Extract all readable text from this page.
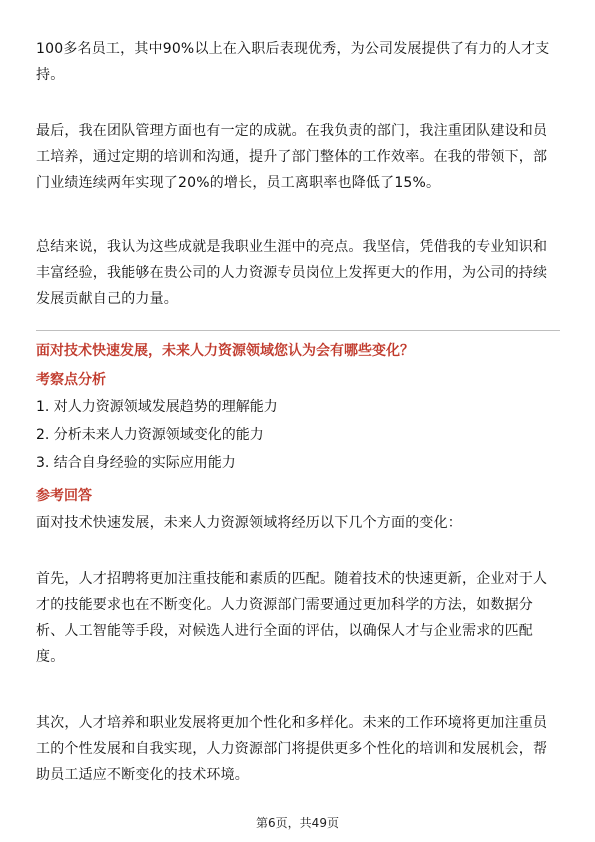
100多名员工，其中90%以上在入职后表现优秀，为公司发展提供了有力的人才支持。

最后，我在团队管理方面也有一定的成就。在我负责的部门，我注重团队建设和员工培养，通过定期的培训和沟通，提升了部门整体的工作效率。在我的带领下，部门业绩连续两年实现了20%的增长，员工离职率也降低了15%。

总结来说，我认为这些成就是我职业生涯中的亮点。我坚信，凭借我的专业知识和丰富经验，我能够在贵公司的人力资源专员岗位上发挥更大的作用，为公司的持续发展贡献自己的力量。

面对技术快速发展，未来人力资源领域您认为会有哪些变化？

考察点分析

1. 对人力资源领域发展趋势的理解能力

2. 分析未来人力资源领域变化的能力

3. 结合自身经验的实际应用能力

参考回答

面对技术快速发展，未来人力资源领域将经历以下几个方面的变化：

首先，人才招聘将更加注重技能和素质的匹配。随着技术的快速更新，企业对于人才的技能要求也在不断变化。人力资源部门需要通过更加科学的方法，如数据分析、人工智能等手段，对候选人进行全面的评估，以确保人才与企业需求的匹配度。

其次，人才培养和职业发展将更加个性化和多样化。未来的工作环境将更加注重员工的个性发展和自我实现，人力资源部门将提供更多个性化的培训和发展机会，帮助员工适应不断变化的技术环境。

第6页，共49页
